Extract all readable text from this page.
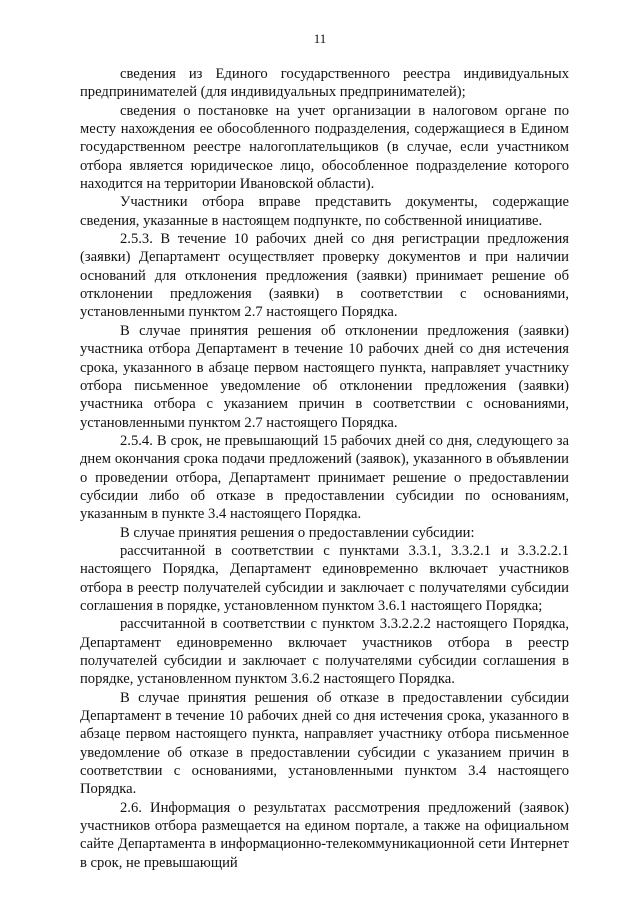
11

сведения из Единого государственного реестра индивидуальных предпринимателей (для индивидуальных предпринимателей);

сведения о постановке на учет организации в налоговом органе по месту нахождения ее обособленного подразделения, содержащиеся в Едином государственном реестре налогоплательщиков (в случае, если участником отбора является юридическое лицо, обособленное подразделение которого находится на территории Ивановской области).

Участники отбора вправе представить документы, содержащие сведения, указанные в настоящем подпункте, по собственной инициативе.

2.5.3. В течение 10 рабочих дней со дня регистрации предложения (заявки) Департамент осуществляет проверку документов и при наличии оснований для отклонения предложения (заявки) принимает решение об отклонении предложения (заявки) в соответствии с основаниями, установленными пунктом 2.7 настоящего Порядка.

В случае принятия решения об отклонении предложения (заявки) участника отбора Департамент в течение 10 рабочих дней со дня истечения срока, указанного в абзаце первом настоящего пункта, направляет участнику отбора письменное уведомление об отклонении предложения (заявки) участника отбора с указанием причин в соответствии с основаниями, установленными пунктом 2.7 настоящего Порядка.

2.5.4. В срок, не превышающий 15 рабочих дней со дня, следующего за днем окончания срока подачи предложений (заявок), указанного в объявлении о проведении отбора, Департамент принимает решение о предоставлении субсидии либо об отказе в предоставлении субсидии по основаниям, указанным в пункте 3.4 настоящего Порядка.

В случае принятия решения о предоставлении субсидии:

рассчитанной в соответствии с пунктами 3.3.1, 3.3.2.1 и 3.3.2.2.1 настоящего Порядка, Департамент единовременно включает участников отбора в реестр получателей субсидии и заключает с получателями субсидии соглашения в порядке, установленном пунктом 3.6.1 настоящего Порядка;

рассчитанной в соответствии с пунктом 3.3.2.2.2 настоящего Порядка, Департамент единовременно включает участников отбора в реестр получателей субсидии и заключает с получателями субсидии соглашения в порядке, установленном пунктом 3.6.2 настоящего Порядка.

В случае принятия решения об отказе в предоставлении субсидии Департамент в течение 10 рабочих дней со дня истечения срока, указанного в абзаце первом настоящего пункта, направляет участнику отбора письменное уведомление об отказе в предоставлении субсидии с указанием причин в соответствии с основаниями, установленными пунктом 3.4 настоящего Порядка.

2.6. Информация о результатах рассмотрения предложений (заявок) участников отбора размещается на едином портале, а также на официальном сайте Департамента в информационно-телекоммуникационной сети Интернет в срок, не превышающий
